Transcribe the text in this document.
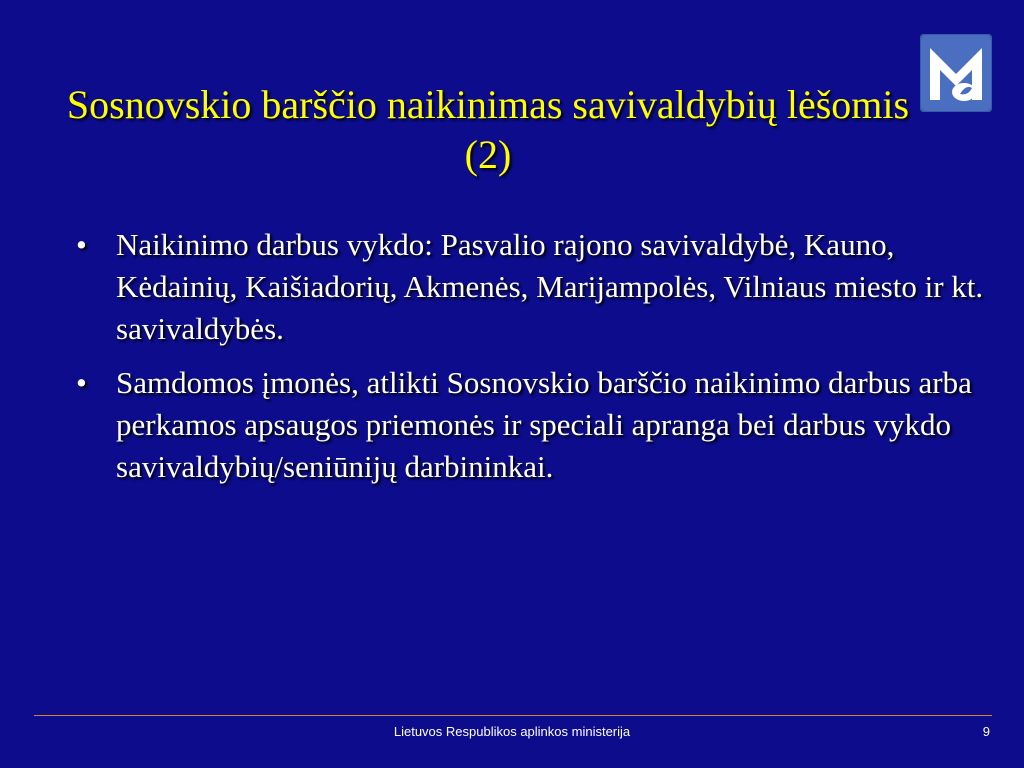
Sosnovskio barščio naikinimas savivaldybių lėšomis (2)
• Naikinimo darbus vykdo: Pasvalio rajono savivaldybė, Kauno, Kėdainių, Kaišiadorių, Akmenės, Marijampolės, Vilniaus miesto ir kt. savivaldybės.
• Samdomos įmonės, atlikti Sosnovskio barščio naikinimo darbus arba perkamos apsaugos priemonės ir speciali apranga bei darbus vykdo savivaldybių/seniūnijų darbininkai.
Lietuvos Respublikos aplinkos ministerija	9
